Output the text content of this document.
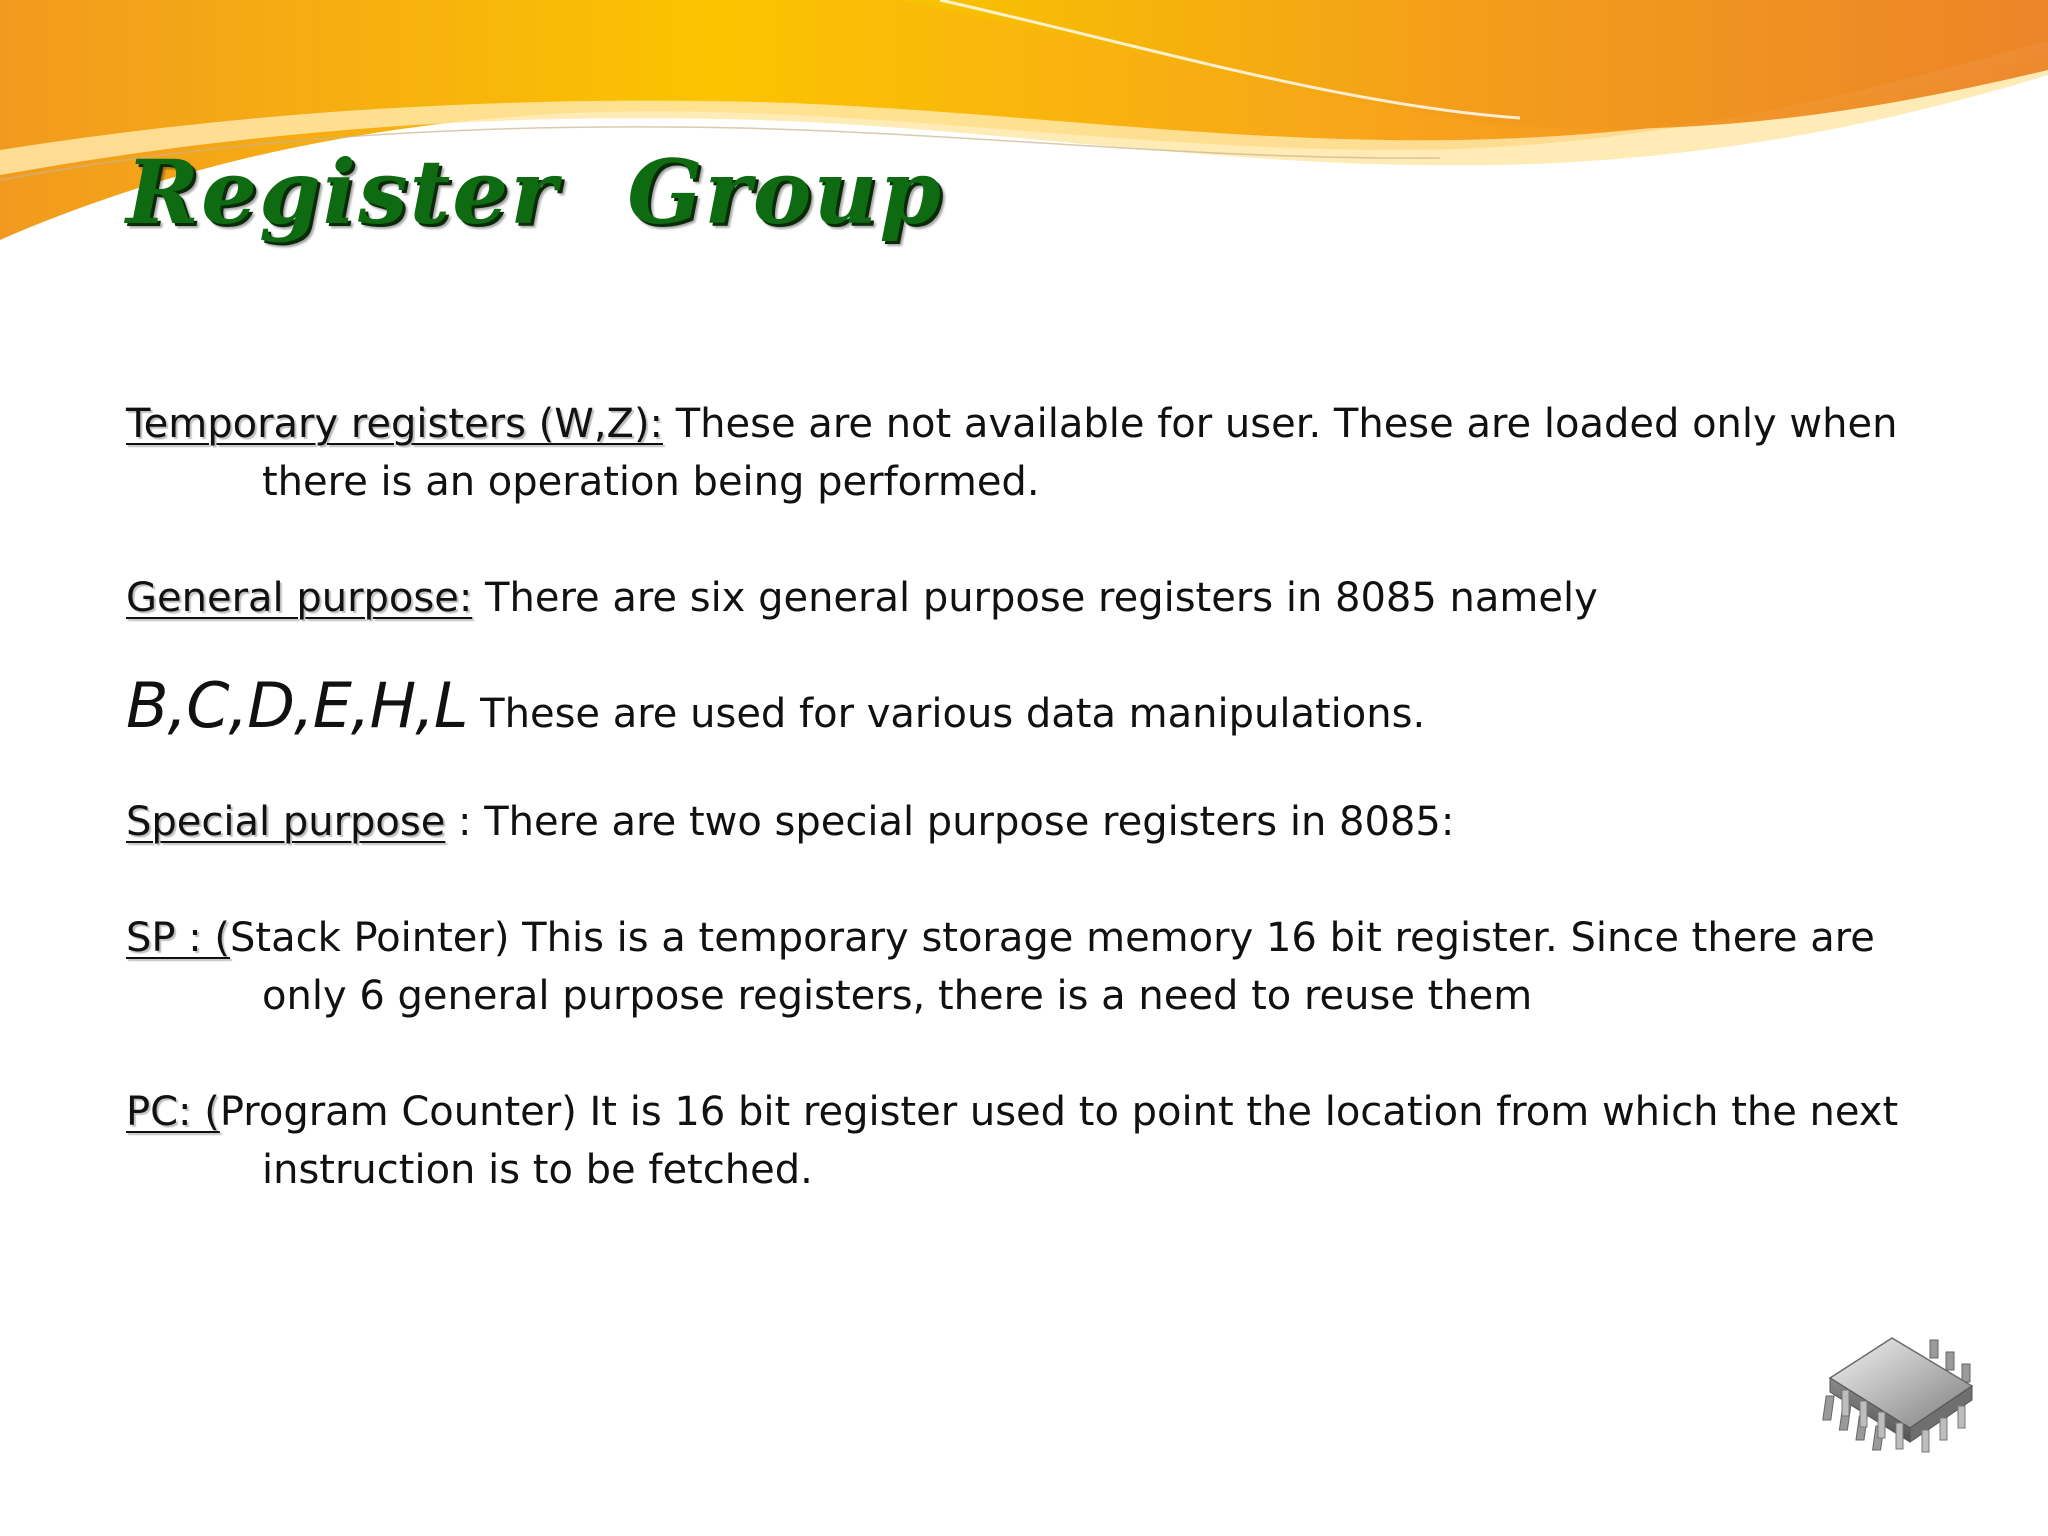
Register Group

Temporary registers (W,Z): These are not available for user. These are loaded only when there is an operation being performed.

General purpose: There are six general purpose registers in 8085 namely

B,C,D,E,H,L These are used for various data manipulations.

Special purpose : There are two special purpose registers in 8085:

SP : (Stack Pointer) This is a temporary storage memory 16 bit register. Since there are only 6 general purpose registers, there is a need to reuse them

PC: (Program Counter) It is 16 bit register used to point the location from which the next instruction is to be fetched.
